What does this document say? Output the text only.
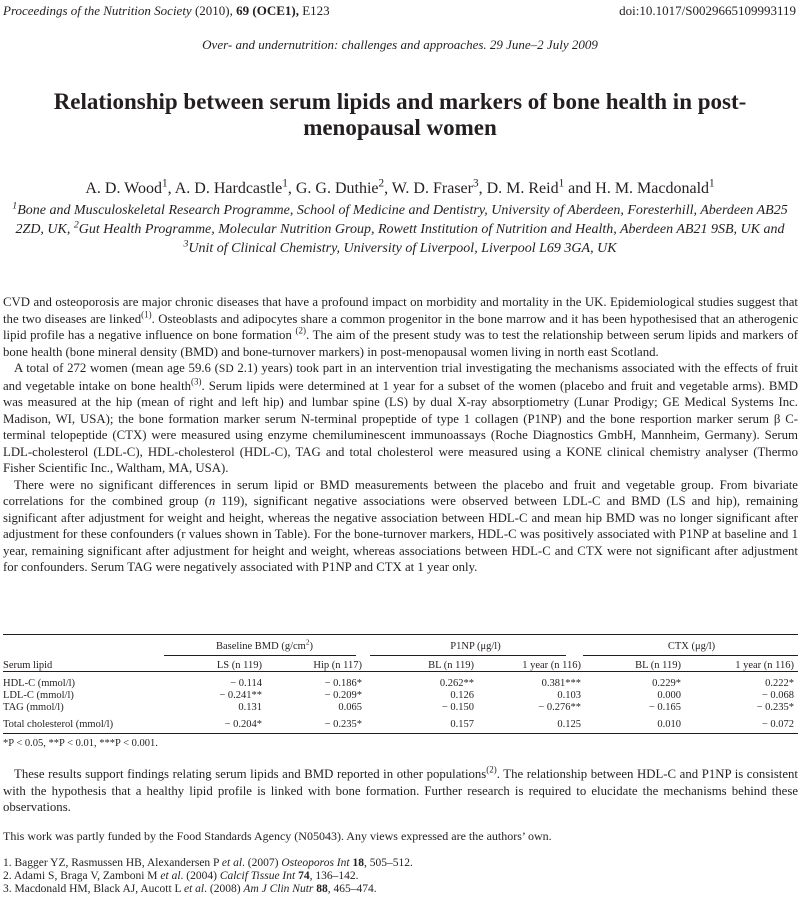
Proceedings of the Nutrition Society (2010), 69 (OCE1), E123	doi:10.1017/S0029665109993119
Over- and undernutrition: challenges and approaches. 29 June–2 July 2009
Relationship between serum lipids and markers of bone health in post-menopausal women
A. D. Wood$^1$, A. D. Hardcastle$^1$, G. G. Duthie$^2$, W. D. Fraser$^3$, D. M. Reid$^1$ and H. M. Macdonald$^1$
$^1$Bone and Musculoskeletal Research Programme, School of Medicine and Dentistry, University of Aberdeen, Foresterhill, Aberdeen AB25 2ZD, UK, $^2$Gut Health Programme, Molecular Nutrition Group, Rowett Institution of Nutrition and Health, Aberdeen AB21 9SB, UK and $^3$Unit of Clinical Chemistry, University of Liverpool, Liverpool L69 3GA, UK

CVD and osteoporosis are major chronic diseases that have a profound impact on morbidity and mortality in the UK. Epidemiological studies suggest that the two diseases are linked$^{(1)}$. Osteoblasts and adipocytes share a common progenitor in the bone marrow and it has been hypothesised that an atherogenic lipid profile has a negative influence on bone formation $^{(2)}$. The aim of the present study was to test the relationship between serum lipids and markers of bone health (bone mineral density (BMD) and bone-turnover markers) in post-menopausal women living in north east Scotland.

A total of 272 women (mean age 59.6 (SD 2.1) years) took part in an intervention trial investigating the mechanisms associated with the effects of fruit and vegetable intake on bone health$^{(3)}$. Serum lipids were determined at 1 year for a subset of the women (placebo and fruit and vegetable arms). BMD was measured at the hip (mean of right and left hip) and lumbar spine (LS) by dual X-ray absorptiometry (Lunar Prodigy; GE Medical Systems Inc. Madison, WI, USA); the bone formation marker serum N-terminal propeptide of type 1 collagen (P1NP) and the bone resportion marker serum β C-terminal telopeptide (CTX) were measured using enzyme chemiluminescent immunoassays (Roche Diagnostics GmbH, Mannheim, Germany). Serum LDL-cholesterol (LDL-C), HDL-cholesterol (HDL-C), TAG and total cholesterol were measured using a KONE clinical chemistry analyser (Thermo Fisher Scientific Inc., Waltham, MA, USA).

There were no significant differences in serum lipid or BMD measurements between the placebo and fruit and vegetable group. From bivariate correlations for the combined group (n 119), significant negative associations were observed between LDL-C and BMD (LS and hip), remaining significant after adjustment for weight and height, whereas the negative association between HDL-C and mean hip BMD was no longer significant after adjustment for these confounders (r values shown in Table). For the bone-turnover markers, HDL-C was positively associated with P1NP at baseline and 1 year, remaining significant after adjustment for height and weight, whereas associations between HDL-C and CTX were not significant after adjustment for confounders. Serum TAG were negatively associated with P1NP and CTX at 1 year only.

	Baseline BMD $(g/cm^2)$		P1NP (μg/l)		CTX (μg/l)	
Serum lipid	LS (n 119)	Hip (n 117)	BL (n 119)	1 year (n 116)	BL (n 119)	1 year (n 116)

HDL-C (mmol/l)	− 0.114	− 0.186*	0.262**	0.381***	0.229*	0.222*
LDL-C (mmol/l)	− 0.241**	− 0.209*	0.126	0.103	0.000	− 0.068
TAG (mmol/l)	0.131	0.065	− 0.150	− 0.276**	− 0.165	− 0.235*

Total cholesterol (mmol/l)	− 0.204*	− 0.235*	0.157	0.125	0.010	− 0.072
*P < 0.05, **P < 0.01, ***P < 0.001.

These results support findings relating serum lipids and BMD reported in other populations$^{(2)}$. The relationship between HDL-C and P1NP is consistent with the hypothesis that a healthy lipid profile is linked with bone formation. Further research is required to elucidate the mechanisms behind these observations.

This work was partly funded by the Food Standards Agency (N05043). Any views expressed are the authors’ own.
1. Bagger YZ, Rasmussen HB, Alexandersen P et al. (2007) Osteoporos Int 18, 505–512.
2. Adami S, Braga V, Zamboni M et al. (2004) Calcif Tissue Int 74, 136–142.
3. Macdonald HM, Black AJ, Aucott L et al. (2008) Am J Clin Nutr 88, 465–474.
